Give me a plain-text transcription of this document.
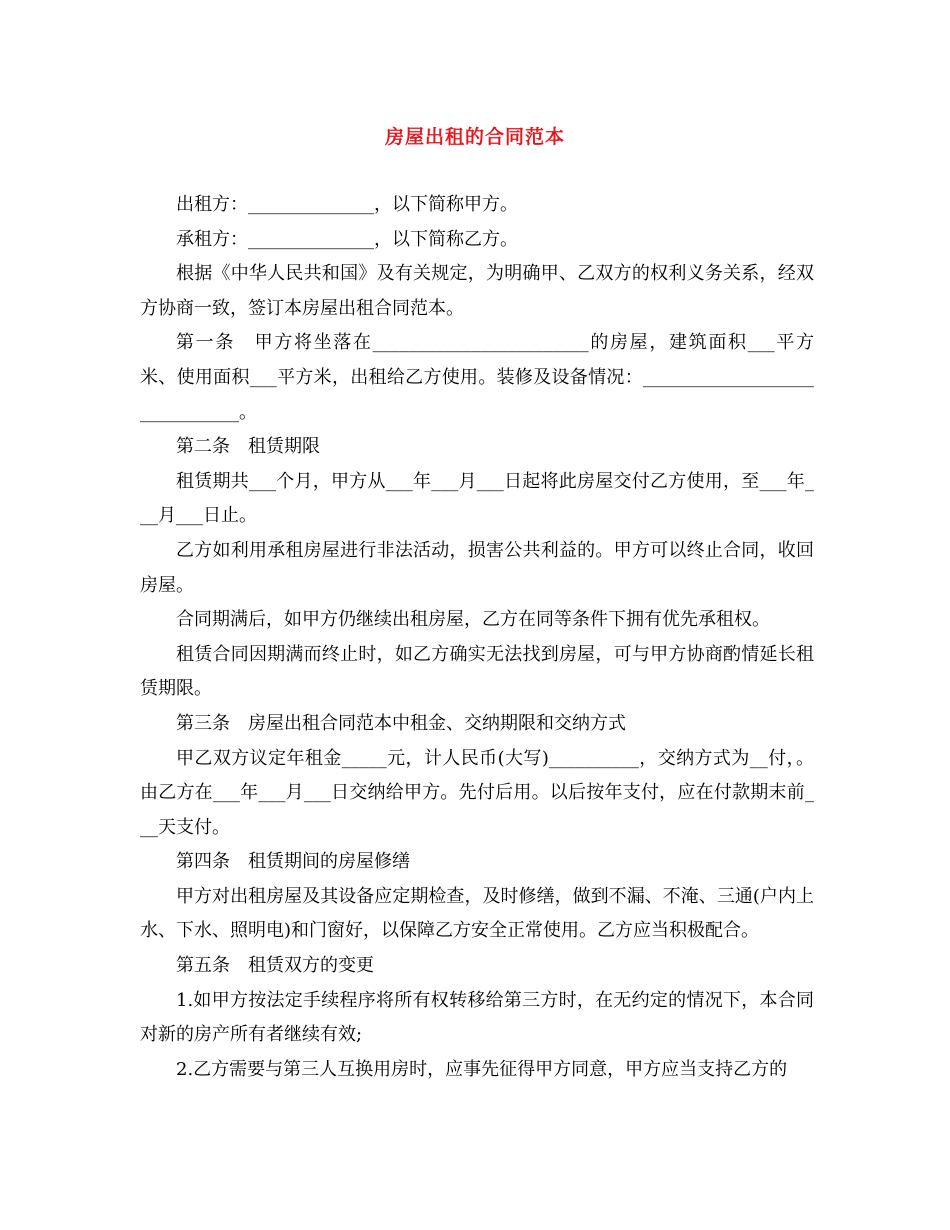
房屋出租的合同范本

出租方：______________，以下简称甲方。

承租方：______________，以下简称乙方。

根据《中华人民共和国》及有关规定，为明确甲、乙双方的权利义务关系，经双方协商一致，签订本房屋出租合同范本。

第一条　甲方将坐落在________________________的房屋，建筑面积___平方米、使用面积___平方米，出租给乙方使用。装修及设备情况：______________________________。

第二条　租赁期限

租赁期共___个月，甲方从___年___月___日起将此房屋交付乙方使用，至___年___月___日止。

乙方如利用承租房屋进行非法活动，损害公共利益的。甲方可以终止合同，收回房屋。

合同期满后，如甲方仍继续出租房屋，乙方在同等条件下拥有优先承租权。

租赁合同因期满而终止时，如乙方确实无法找到房屋，可与甲方协商酌情延长租赁期限。

第三条　房屋出租合同范本中租金、交纳期限和交纳方式

甲乙双方议定年租金_____元，计人民币(大写)__________，交纳方式为__付，。由乙方在___年___月___日交纳给甲方。先付后用。以后按年支付，应在付款期末前___天支付。

第四条　租赁期间的房屋修缮

甲方对出租房屋及其设备应定期检查，及时修缮，做到不漏、不淹、三通(户内上水、下水、照明电)和门窗好，以保障乙方安全正常使用。乙方应当积极配合。

第五条　租赁双方的变更

1.如甲方按法定手续程序将所有权转移给第三方时，在无约定的情况下，本合同对新的房产所有者继续有效;

2.乙方需要与第三人互换用房时，应事先征得甲方同意，甲方应当支持乙方的
